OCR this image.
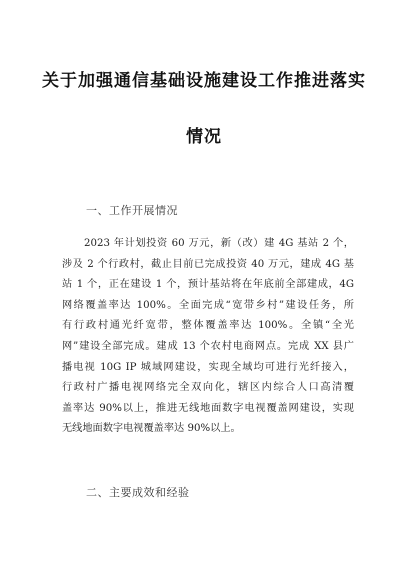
关于加强通信基础设施建设工作推进落实
情况
一、工作开展情况
2023 年计划投资 60 万元，新（改）建 4G 基站 2 个，
涉及 2 个行政村，截止目前已完成投资 40 万元，建成 4G 基
站 1 个，正在建设 1 个，预计基站将在年底前全部建成，4G
网络覆盖率达 100%。全面完成“宽带乡村”建设任务，所
有行政村通光纤宽带，整体覆盖率达 100%。全镇“全光
网”建设全部完成。建成 13 个农村电商网点。完成 XX 县广
播电视 10G IP 城域网建设，实现全域均可进行光纤接入，
行政村广播电视网络完全双向化，辖区内综合人口高清覆
盖率达 90%以上，推进无线地面数字电视覆盖网建设，实现
无线地面数字电视覆盖率达 90%以上。
二、主要成效和经验
